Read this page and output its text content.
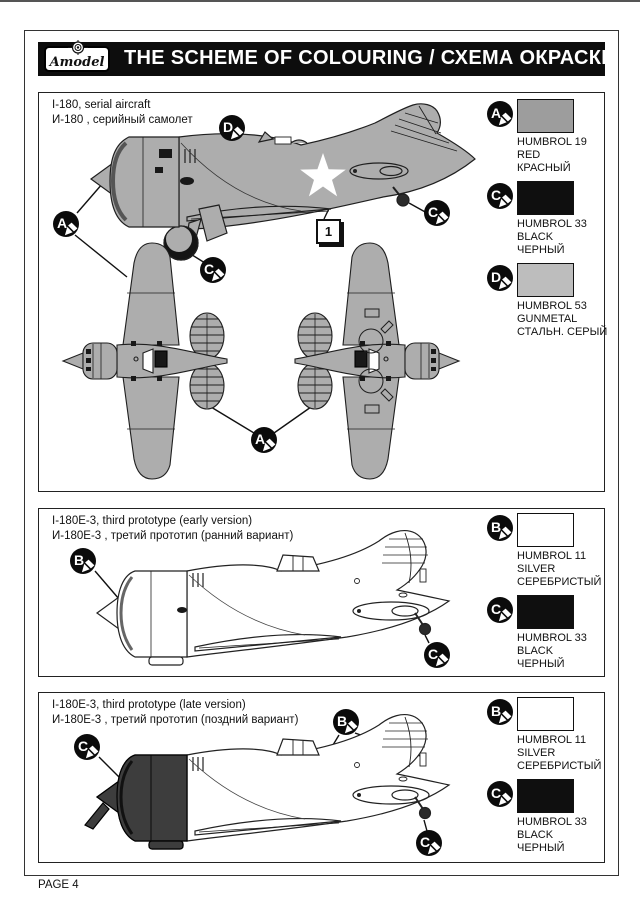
Amodel THE SCHEME OF COLOURING / СХЕМА ОКРАСКИ
I-180, serial aircraft
И-180 , серийный самолет D
A
C
C
A
1
A
HUMBROL 19
RED
КРАСНЫЙ
C
HUMBROL 33
BLACK
ЧЕРНЫЙ
D
HUMBROL 53
GUNMETAL
СТАЛЬН. СЕРЫЙ
I-180E-3, third prototype (early version)
И-180Е-3 , третий прототип (ранний вариант)
B
C
B
HUMBROL 11
SILVER
СЕРЕБРИСТЫЙ
C
HUMBROL 33
BLACK
ЧЕРНЫЙ
I-180E-3, third prototype (late version)
И-180Е-3 , третий прототип (поздний вариант)
C
B
C
B
HUMBROL 11
SILVER
СЕРЕБРИСТЫЙ
C
HUMBROL 33
BLACK
ЧЕРНЫЙ
PAGE 4
